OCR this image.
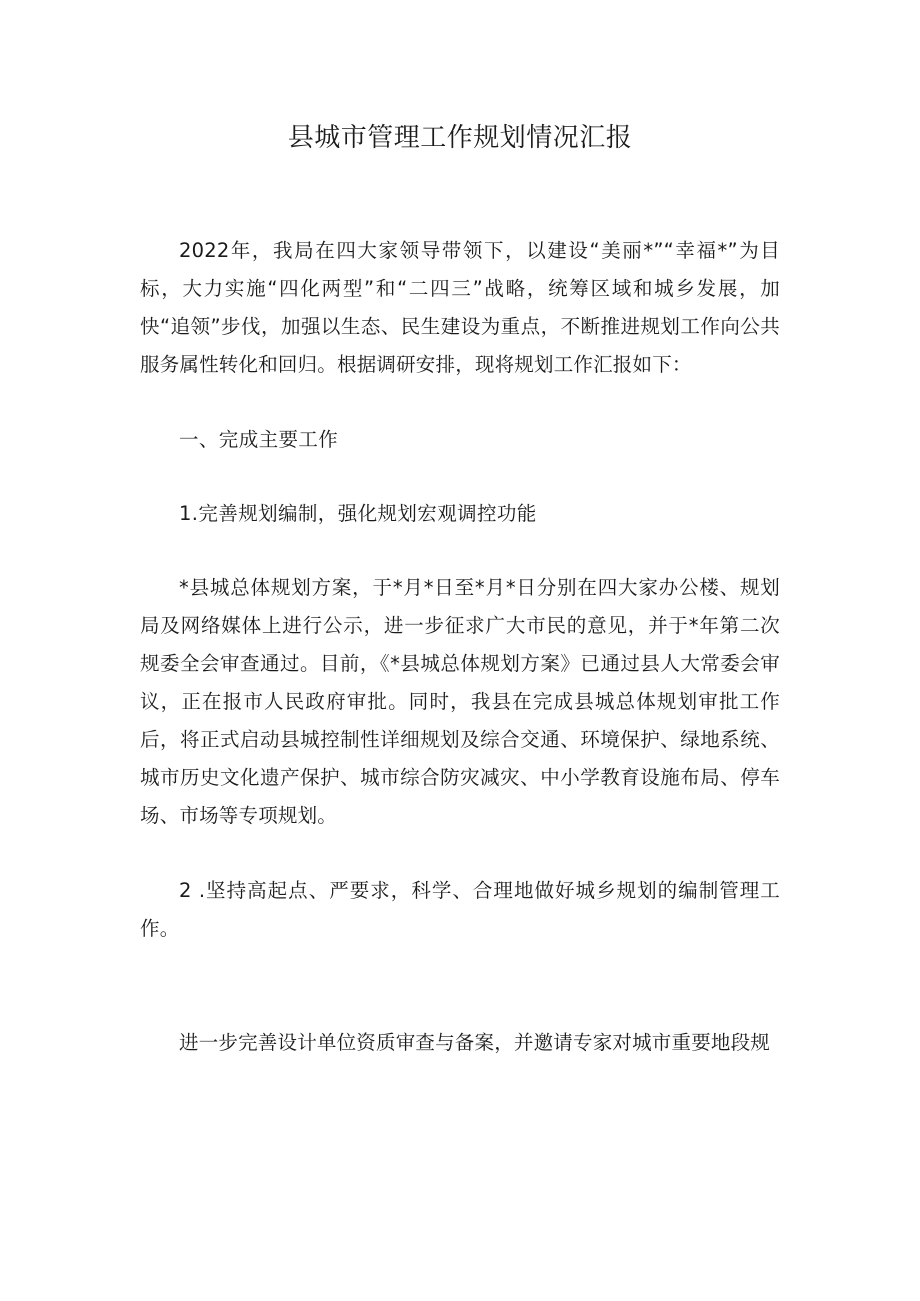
县城市管理工作规划情况汇报

2022年，我局在四大家领导带领下，以建设“美丽*”“幸福*”为目标，大力实施“四化两型”和“二四三”战略，统筹区域和城乡发展，加快“追领”步伐，加强以生态、民生建设为重点，不断推进规划工作向公共服务属性转化和回归。根据调研安排，现将规划工作汇报如下：

一、完成主要工作

1.完善规划编制，强化规划宏观调控功能

*县城总体规划方案，于*月*日至*月*日分别在四大家办公楼、规划局及网络媒体上进行公示，进一步征求广大市民的意见，并于*年第二次规委全会审查通过。目前，《*县城总体规划方案》已通过县人大常委会审议，正在报市人民政府审批。同时，我县在完成县城总体规划审批工作后，将正式启动县城控制性详细规划及综合交通、环境保护、绿地系统、城市历史文化遗产保护、城市综合防灾减灾、中小学教育设施布局、停车场、市场等专项规划。

2 .坚持高起点、严要求，科学、合理地做好城乡规划的编制管理工作。

进一步完善设计单位资质审查与备案，并邀请专家对城市重要地段规
